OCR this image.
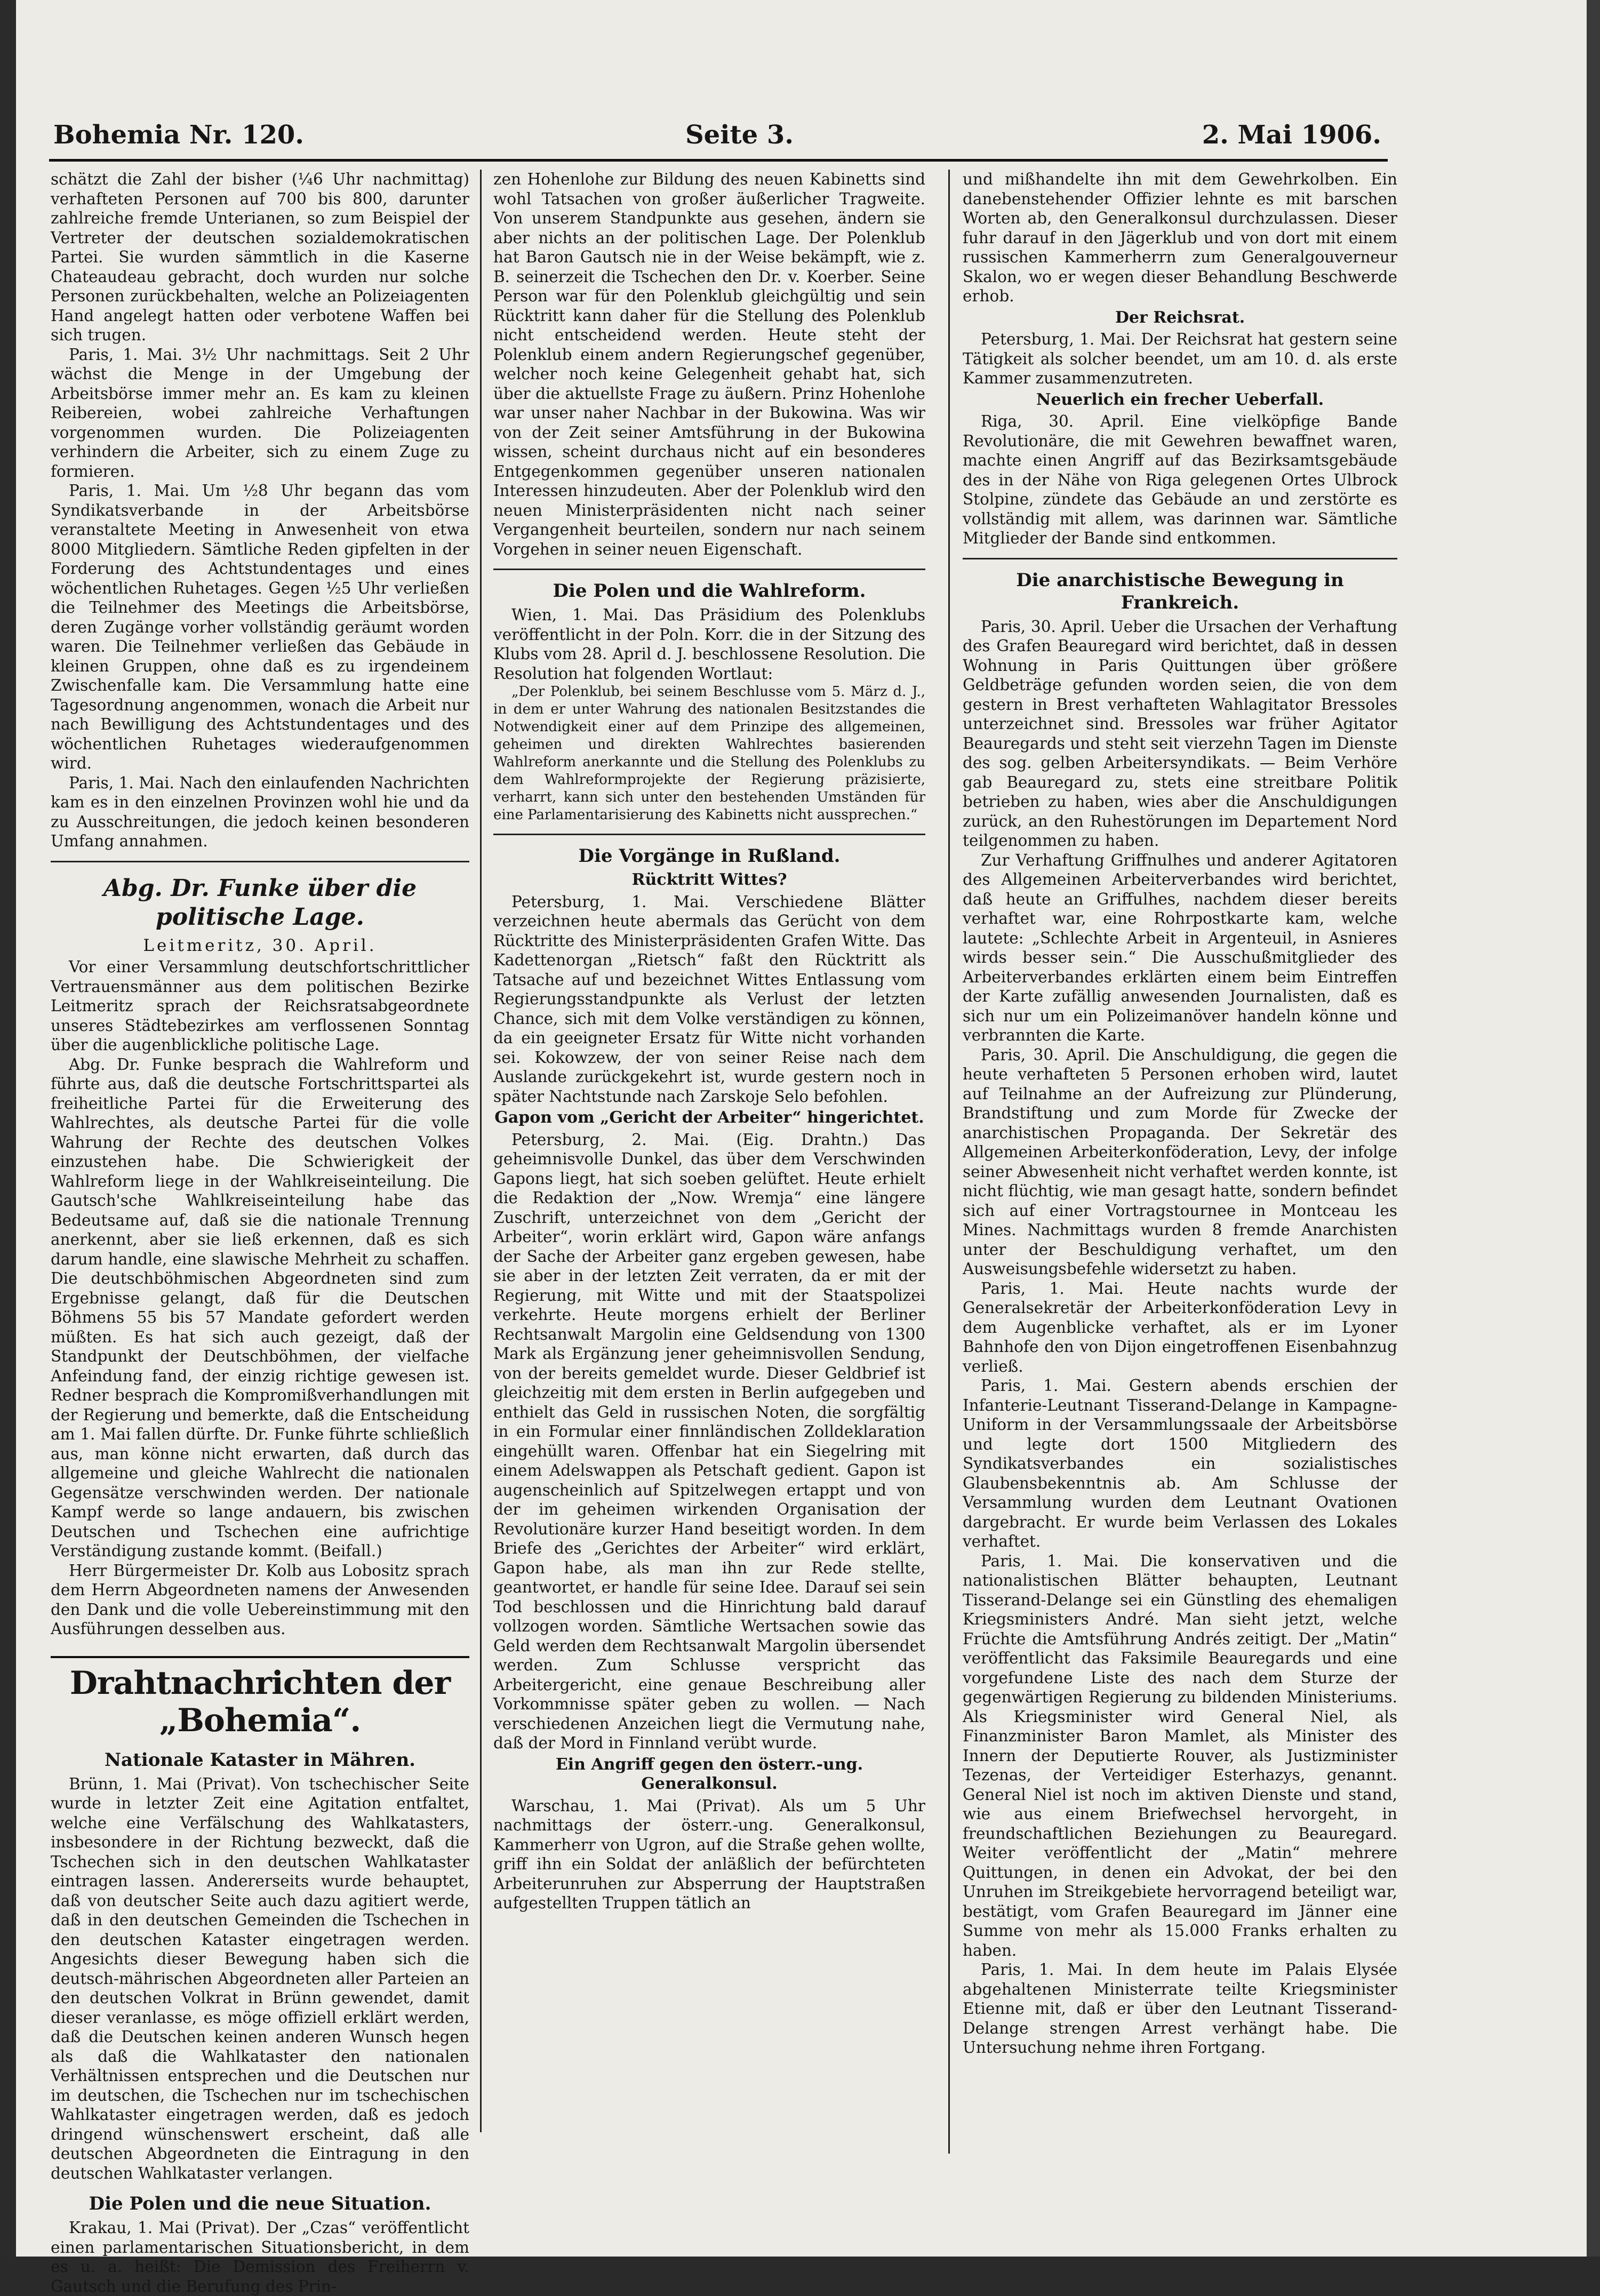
Bohemia Nr. 120.	Seite 3.	2. Mai 1906.

schätzt die Zahl der bisher (¼6 Uhr nachmittag) verhafteten Personen auf 700 bis 800, darunter zahlreiche fremde Unterianen, so zum Beispiel der Vertreter der deutschen sozialdemokratischen Partei. Sie wurden sämmtlich in die Kaserne Chateaudeau gebracht, doch wurden nur solche Personen zurückbehalten, welche an Polizeiagenten Hand angelegt hatten oder verbotene Waffen bei sich trugen.

Paris, 1. Mai. 3½ Uhr nachmittags. Seit 2 Uhr wächst die Menge in der Umgebung der Arbeitsbörse immer mehr an. Es kam zu kleinen Reibereien, wobei zahlreiche Verhaftungen vorgenommen wurden. Die Polizeiagenten verhindern die Arbeiter, sich zu einem Zuge zu formieren.

Paris, 1. Mai. Um ½8 Uhr begann das vom Syndikatsverbande in der Arbeitsbörse veranstaltete Meeting in Anwesenheit von etwa 8000 Mitgliedern. Sämtliche Reden gipfelten in der Forderung des Achtstundentages und eines wöchentlichen Ruhetages. Gegen ½5 Uhr verließen die Teilnehmer des Meetings die Arbeitsbörse, deren Zugänge vorher vollständig geräumt worden waren. Die Teilnehmer verließen das Gebäude in kleinen Gruppen, ohne daß es zu irgendeinem Zwischenfalle kam. Die Versammlung hatte eine Tagesordnung angenommen, wonach die Arbeit nur nach Bewilligung des Achtstundentages und des wöchentlichen Ruhetages wiederaufgenommen wird.

Paris, 1. Mai. Nach den einlaufenden Nachrichten kam es in den einzelnen Provinzen wohl hie und da zu Ausschreitungen, die jedoch keinen besonderen Umfang annahmen.

Abg. Dr. Funke über die politische Lage.
Leitmeritz, 30. April.

Vor einer Versammlung deutschfortschrittlicher Vertrauensmänner aus dem politischen Bezirke Leitmeritz sprach der Reichsratsabgeordnete unseres Städtebezirkes am verflossenen Sonntag über die augenblickliche politische Lage.

Abg. Dr. Funke besprach die Wahlreform und führte aus, daß die deutsche Fortschrittspartei als freiheitliche Partei für die Erweiterung des Wahlrechtes, als deutsche Partei für die volle Wahrung der Rechte des deutschen Volkes einzustehen habe. Die Schwierigkeit der Wahlreform liege in der Wahlkreiseinteilung. Die Gautsch'sche Wahlkreiseinteilung habe das Bedeutsame auf, daß sie die nationale Trennung anerkennt, aber sie ließ erkennen, daß es sich darum handle, eine slawische Mehrheit zu schaffen. Die deutschböhmischen Abgeordneten sind zum Ergebnisse gelangt, daß für die Deutschen Böhmens 55 bis 57 Mandate gefordert werden müßten. Es hat sich auch gezeigt, daß der Standpunkt der Deutschböhmen, der vielfache Anfeindung fand, der einzig richtige gewesen ist. Redner besprach die Kompromißverhandlungen mit der Regierung und bemerkte, daß die Entscheidung am 1. Mai fallen dürfte. Dr. Funke führte schließlich aus, man könne nicht erwarten, daß durch das allgemeine und gleiche Wahlrecht die nationalen Gegensätze verschwinden werden. Der nationale Kampf werde so lange andauern, bis zwischen Deutschen und Tschechen eine aufrichtige Verständigung zustande kommt. (Beifall.)

Herr Bürgermeister Dr. Kolb aus Lobositz sprach dem Herrn Abgeordneten namens der Anwesenden den Dank und die volle Uebereinstimmung mit den Ausführungen desselben aus.

Drahtnachrichten der „Bohemia“.
Nationale Kataster in Mähren.

Brünn, 1. Mai (Privat). Von tschechischer Seite wurde in letzter Zeit eine Agitation entfaltet, welche eine Verfälschung des Wahlkatasters, insbesondere in der Richtung bezweckt, daß die Tschechen sich in den deutschen Wahlkataster eintragen lassen. Andererseits wurde behauptet, daß von deutscher Seite auch dazu agitiert werde, daß in den deutschen Gemeinden die Tschechen in den deutschen Kataster eingetragen werden. Angesichts dieser Bewegung haben sich die deutsch-mährischen Abgeordneten aller Parteien an den deutschen Volkrat in Brünn gewendet, damit dieser veranlasse, es möge offiziell erklärt werden, daß die Deutschen keinen anderen Wunsch hegen als daß die Wahlkataster den nationalen Verhältnissen entsprechen und die Deutschen nur im deutschen, die Tschechen nur im tschechischen Wahlkataster eingetragen werden, daß es jedoch dringend wünschenswert erscheint, daß alle deutschen Abgeordneten die Eintragung in den deutschen Wahlkataster verlangen.

Die Polen und die neue Situation.

Krakau, 1. Mai (Privat). Der „Czas“ veröffentlicht einen parlamentarischen Situationsbericht, in dem es u. a. heißt: Die Demission des Freiherrn v. Gautsch und die Berufung des Prin-

zen Hohenlohe zur Bildung des neuen Kabinetts sind wohl Tatsachen von großer äußerlicher Tragweite. Von unserem Standpunkte aus gesehen, ändern sie aber nichts an der politischen Lage. Der Polenklub hat Baron Gautsch nie in der Weise bekämpft, wie z. B. seinerzeit die Tschechen den Dr. v. Koerber. Seine Person war für den Polenklub gleichgültig und sein Rücktritt kann daher für die Stellung des Polenklub nicht entscheidend werden. Heute steht der Polenklub einem andern Regierungschef gegenüber, welcher noch keine Gelegenheit gehabt hat, sich über die aktuellste Frage zu äußern. Prinz Hohenlohe war unser naher Nachbar in der Bukowina. Was wir von der Zeit seiner Amtsführung in der Bukowina wissen, scheint durchaus nicht auf ein besonderes Entgegenkommen gegenüber unseren nationalen Interessen hinzudeuten. Aber der Polenklub wird den neuen Ministerpräsidenten nicht nach seiner Vergangenheit beurteilen, sondern nur nach seinem Vorgehen in seiner neuen Eigenschaft.

Die Polen und die Wahlreform.

Wien, 1. Mai. Das Präsidium des Polenklubs veröffentlicht in der Poln. Korr. die in der Sitzung des Klubs vom 28. April d. J. beschlossene Resolution. Die Resolution hat folgenden Wortlaut:

„Der Polenklub, bei seinem Beschlusse vom 5. März d. J., in dem er unter Wahrung des nationalen Besitzstandes die Notwendigkeit einer auf dem Prinzipe des allgemeinen, geheimen und direkten Wahlrechtes basierenden Wahlreform anerkannte und die Stellung des Polenklubs zu dem Wahlreformprojekte der Regierung präzisierte, verharrt, kann sich unter den bestehenden Umständen für eine Parlamentarisierung des Kabinetts nicht aussprechen.“

Die Vorgänge in Rußland.
Rücktritt Wittes?

Petersburg, 1. Mai. Verschiedene Blätter verzeichnen heute abermals das Gerücht von dem Rücktritte des Ministerpräsidenten Grafen Witte. Das Kadettenorgan „Rietsch“ faßt den Rücktritt als Tatsache auf und bezeichnet Wittes Entlassung vom Regierungsstandpunkte als Verlust der letzten Chance, sich mit dem Volke verständigen zu können, da ein geeigneter Ersatz für Witte nicht vorhanden sei. Kokowzew, der von seiner Reise nach dem Auslande zurückgekehrt ist, wurde gestern noch in später Nachtstunde nach Zarskoje Selo befohlen.

Gapon vom „Gericht der Arbeiter“ hingerichtet.

Petersburg, 2. Mai. (Eig. Drahtn.) Das geheimnisvolle Dunkel, das über dem Verschwinden Gapons liegt, hat sich soeben gelüftet. Heute erhielt die Redaktion der „Now. Wremja“ eine längere Zuschrift, unterzeichnet von dem „Gericht der Arbeiter“, worin erklärt wird, Gapon wäre anfangs der Sache der Arbeiter ganz ergeben gewesen, habe sie aber in der letzten Zeit verraten, da er mit der Regierung, mit Witte und mit der Staatspolizei verkehrte. Heute morgens erhielt der Berliner Rechtsanwalt Margolin eine Geldsendung von 1300 Mark als Ergänzung jener geheimnisvollen Sendung, von der bereits gemeldet wurde. Dieser Geldbrief ist gleichzeitig mit dem ersten in Berlin aufgegeben und enthielt das Geld in russischen Noten, die sorgfältig in ein Formular einer finnländischen Zolldeklaration eingehüllt waren. Offenbar hat ein Siegelring mit einem Adelswappen als Petschaft gedient. Gapon ist augenscheinlich auf Spitzelwegen ertappt und von der im geheimen wirkenden Organisation der Revolutionäre kurzer Hand beseitigt worden. In dem Briefe des „Gerichtes der Arbeiter“ wird erklärt, Gapon habe, als man ihn zur Rede stellte, geantwortet, er handle für seine Idee. Darauf sei sein Tod beschlossen und die Hinrichtung bald darauf vollzogen worden. Sämtliche Wertsachen sowie das Geld werden dem Rechtsanwalt Margolin übersendet werden. Zum Schlusse verspricht das Arbeitergericht, eine genaue Beschreibung aller Vorkommnisse später geben zu wollen. — Nach verschiedenen Anzeichen liegt die Vermutung nahe, daß der Mord in Finnland verübt wurde.

Ein Angriff gegen den österr.-ung. Generalkonsul.

Warschau, 1. Mai (Privat). Als um 5 Uhr nachmittags der österr.-ung. Generalkonsul, Kammerherr von Ugron, auf die Straße gehen wollte, griff ihn ein Soldat der anläßlich der befürchteten Arbeiterunruhen zur Absperrung der Hauptstraßen aufgestellten Truppen tätlich an

und mißhandelte ihn mit dem Gewehrkolben. Ein danebenstehender Offizier lehnte es mit barschen Worten ab, den Generalkonsul durchzulassen. Dieser fuhr darauf in den Jägerklub und von dort mit einem russischen Kammerherrn zum Generalgouverneur Skalon, wo er wegen dieser Behandlung Beschwerde erhob.

Der Reichsrat.

Petersburg, 1. Mai. Der Reichsrat hat gestern seine Tätigkeit als solcher beendet, um am 10. d. als erste Kammer zusammenzutreten.

Neuerlich ein frecher Ueberfall.

Riga, 30. April. Eine vielköpfige Bande Revolutionäre, die mit Gewehren bewaffnet waren, machte einen Angriff auf das Bezirksamtsgebäude des in der Nähe von Riga gelegenen Ortes Ulbrock Stolpine, zündete das Gebäude an und zerstörte es vollständig mit allem, was darinnen war. Sämtliche Mitglieder der Bande sind entkommen.

Die anarchistische Bewegung in Frankreich.

Paris, 30. April. Ueber die Ursachen der Verhaftung des Grafen Beauregard wird berichtet, daß in dessen Wohnung in Paris Quittungen über größere Geldbeträge gefunden worden seien, die von dem gestern in Brest verhafteten Wahlagitator Bressoles unterzeichnet sind. Bressoles war früher Agitator Beauregards und steht seit vierzehn Tagen im Dienste des sog. gelben Arbeitersyndikats. — Beim Verhöre gab Beauregard zu, stets eine streitbare Politik betrieben zu haben, wies aber die Anschuldigungen zurück, an den Ruhestörungen im Departement Nord teilgenommen zu haben.

Zur Verhaftung Griffnulhes und anderer Agitatoren des Allgemeinen Arbeiterverbandes wird berichtet, daß heute an Griffulhes, nachdem dieser bereits verhaftet war, eine Rohrpostkarte kam, welche lautete: „Schlechte Arbeit in Argenteuil, in Asnieres wirds besser sein.“ Die Ausschußmitglieder des Arbeiterverbandes erklärten einem beim Eintreffen der Karte zufällig anwesenden Journalisten, daß es sich nur um ein Polizeimanöver handeln könne und verbrannten die Karte.

Paris, 30. April. Die Anschuldigung, die gegen die heute verhafteten 5 Personen erhoben wird, lautet auf Teilnahme an der Aufreizung zur Plünderung, Brandstiftung und zum Morde für Zwecke der anarchistischen Propaganda. Der Sekretär des Allgemeinen Arbeiterkonföderation, Levy, der infolge seiner Abwesenheit nicht verhaftet werden konnte, ist nicht flüchtig, wie man gesagt hatte, sondern befindet sich auf einer Vortragstournee in Montceau les Mines. Nachmittags wurden 8 fremde Anarchisten unter der Beschuldigung verhaftet, um den Ausweisungsbefehle widersetzt zu haben.

Paris, 1. Mai. Heute nachts wurde der Generalsekretär der Arbeiterkonföderation Levy in dem Augenblicke verhaftet, als er im Lyoner Bahnhofe den von Dijon eingetroffenen Eisenbahnzug verließ.

Paris, 1. Mai. Gestern abends erschien der Infanterie-Leutnant Tisserand-Delange in Kampagne-Uniform in der Versammlungssaale der Arbeitsbörse und legte dort 1500 Mitgliedern des Syndikatsverbandes ein sozialistisches Glaubensbekenntnis ab. Am Schlusse der Versammlung wurden dem Leutnant Ovationen dargebracht. Er wurde beim Verlassen des Lokales verhaftet.

Paris, 1. Mai. Die konservativen und die nationalistischen Blätter behaupten, Leutnant Tisserand-Delange sei ein Günstling des ehemaligen Kriegsministers André. Man sieht jetzt, welche Früchte die Amtsführung Andrés zeitigt. Der „Matin“ veröffentlicht das Faksimile Beauregards und eine vorgefundene Liste des nach dem Sturze der gegenwärtigen Regierung zu bildenden Ministeriums. Als Kriegsminister wird General Niel, als Finanzminister Baron Mamlet, als Minister des Innern der Deputierte Rouver, als Justizminister Tezenas, der Verteidiger Esterhazys, genannt. General Niel ist noch im aktiven Dienste und stand, wie aus einem Briefwechsel hervorgeht, in freundschaftlichen Beziehungen zu Beauregard. Weiter veröffentlicht der „Matin“ mehrere Quittungen, in denen ein Advokat, der bei den Unruhen im Streikgebiete hervorragend beteiligt war, bestätigt, vom Grafen Beauregard im Jänner eine Summe von mehr als 15.000 Franks erhalten zu haben.

Paris, 1. Mai. In dem heute im Palais Elysée abgehaltenen Ministerrate teilte Kriegsminister Etienne mit, daß er über den Leutnant Tisserand-Delange strengen Arrest verhängt habe. Die Untersuchung nehme ihren Fortgang.
